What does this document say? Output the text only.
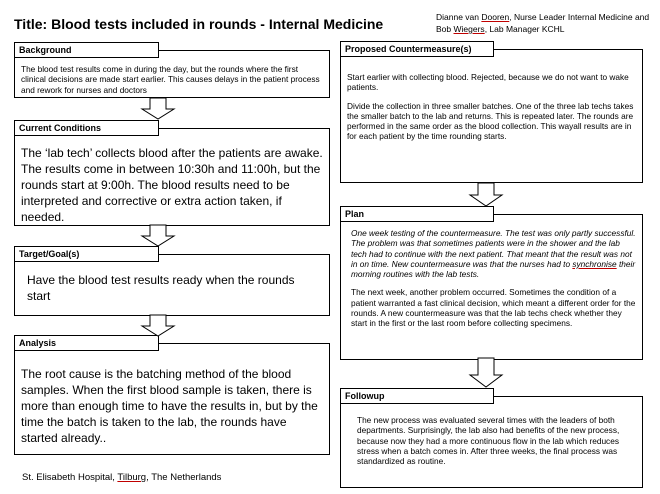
Title: Blood tests included in rounds - Internal Medicine	Dianne van Dooren, Nurse Leader Internal Medicine and Bob Wiegers, Lab Manager KCHL
The blood test results come in during the day, but the rounds where the first clinical decisions are made start earlier. This causes delays in the patient process and rework for nurses and doctors
Background
The ‘lab tech’ collects blood after the patients are awake. The results come in between 10:30h and 11:00h, but the rounds start at 9:00h. The blood results need to be interpreted and corrective or extra action taken, if needed.
Current Conditions
Have the blood test results ready when the rounds start
Target/Goal(s)
The root cause is the batching method of the blood samples. When the first blood sample is taken, there is more than enough time to have the results in, but by the time the batch is taken to the lab, the rounds have started already..
Analysis
St. Elisabeth Hospital, Tilburg, The Netherlands
Start earlier with collecting blood. Rejected, because we do not want to wake patients.
Divide the collection in three smaller batches. One of the three lab techs takes the smaller batch to the lab and returns. This is repeated later. The rounds are performed in the same order as the blood collection. This wayall results are in for each patient by the time rounding starts.
Proposed Countermeasure(s)
One week testing of the countermeasure. The test was only partly successful. The problem was that sometimes patients were in the shower and the lab tech had to continue with the next patient. That meant that the result was not in on time. New countermeasure was that the nurses had to synchronise their morning routines with the lab tests.
The next week, another problem occurred. Sometimes the condition of a patient warranted a fast clinical decision, which meant a different order for the rounds. A new countermeasure was that the lab techs check whether they start in the first or the last room before collecting specimens.
Plan
The new process was evaluated several times with the leaders of both departments. Surprisingly, the lab also had benefits of the new process, because now they had a more continuous flow in the lab which reduces stress when a batch comes in. After three weeks, the final process was standardized as routine.
Followup
